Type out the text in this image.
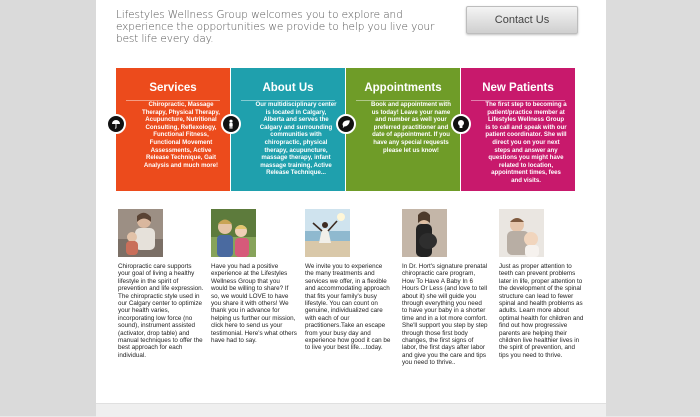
Lifestyles Wellness Group welcomes you to explore and experience the opportunities we provide to help you live your best life every day.
Contact Us
Services
Chiropractic, Massage Therapy, Physical Therapy, Acupuncture, Nutritional Consulting, Reflexology, Functional Fitness, Functional Movement Assessments, Active Release Technique, Gait Analysis and much more!
About Us
Our multidisciplinary center is located in Calgary, Alberta and serves the Calgary and surrounding communities with chiropractic, physical therapy, acupuncture, massage therapy, infant massage training, Active Release Technique...
Appointments
Book and appointment with us today! Leave your name and number as well your preferred practitioner and date of appointment. If you have any special requests please let us know!
New Patients
The first step to becoming a patient/practice member at Lifestyles Wellness Group is to call and speak with our patient coordinator. She will direct you on your next steps and answer any questions you might have related to location, appointment times, fees and visits.
Chiropractic care supports your goal of living a healthy lifestyle in the spirit of prevention and life expression. The chiropractic style used in our Calgary center to optimize your health varies, incorporating low force (no sound), instrument assisted (activator, drop table) and manual techniques to offer the best approach for each individual.
Have you had a positive experience at the Lifestyles Wellness Group that you would be willing to share? If so, we would LOVE to have you share it with others! We thank you in advance for helping us further our mission, click here to send us your testimonial. Here's what others have had to say.
We invite you to experience the many treatments and services we offer, in a flexible and accommodating approach that fits your family's busy lifestyle. You can count on genuine, individualized care with each of our practitioners.Take an escape from your busy day and experience how good it can be to live your best life....today.
In Dr. Hort's signature prenatal chiropractic care program, How To Have A Baby In 6 Hours Or Less (and love to tell about it) she will guide you through everything you need to have your baby in a shorter time and in a lot more comfort. She'll support you step by step through those first body changes, the first signs of labor, the first days after labor and give you the care and tips you need to thrive..
Just as proper attention to teeth can prevent problems later in life, proper attention to the development of the spinal structure can lead to fewer spinal and health problems as adults. Learn more about optimal health for children and find out how progressive parents are helping their children live healthier lives in the spirit of prevention, and tips you need to thrive.
